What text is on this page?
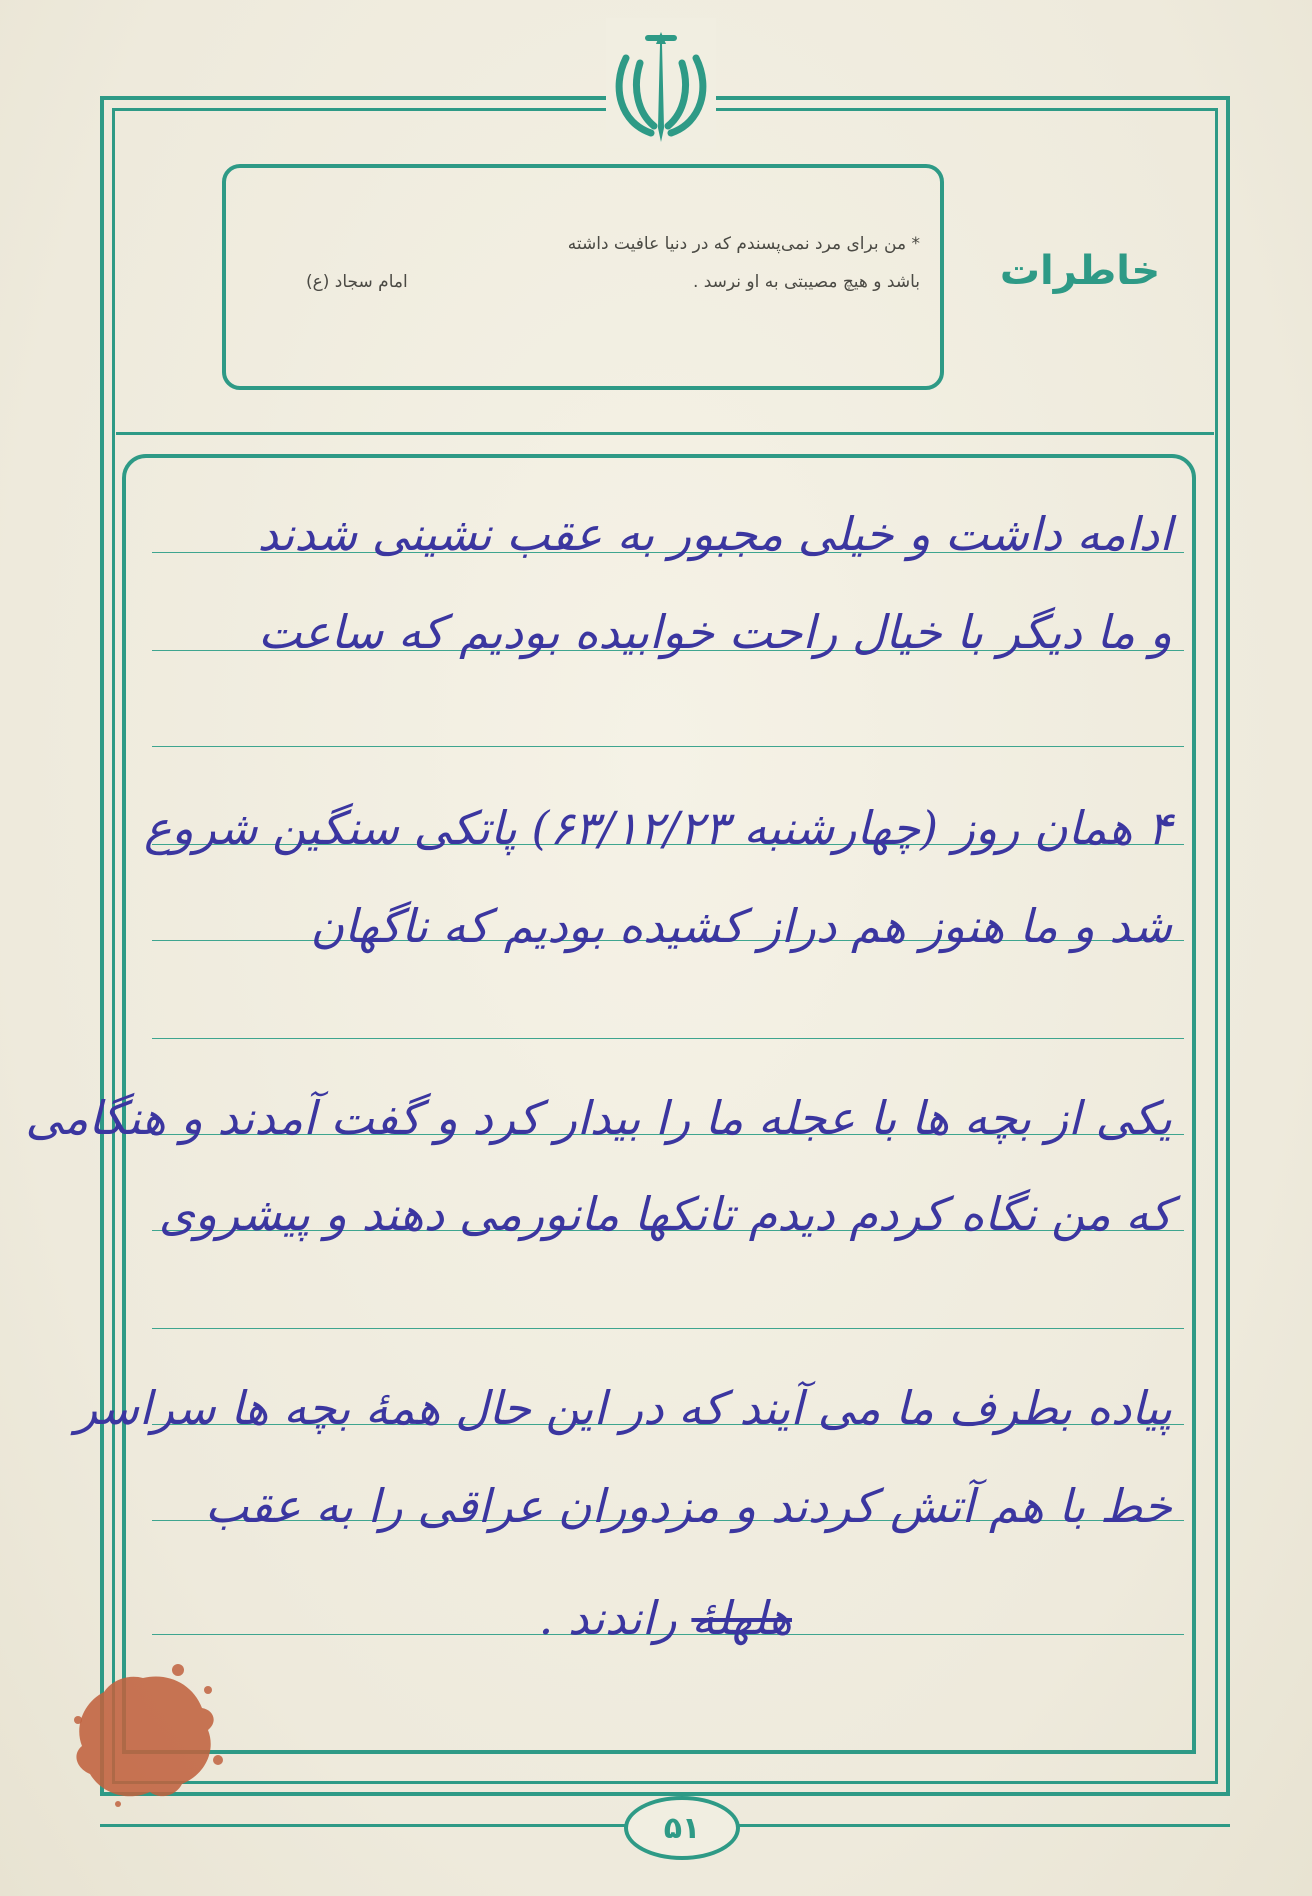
* من برای مرد نمی‌پسندم که در دنیا عافیت داشته
باشد و هیچ مصیبتی به او نرسد .
امام سجاد (ع)	خاطرات
ادامه داشت و خیلی مجبور به عقب نشینی شدند
و ما دیگر با خیال راحت خوابیده بودیم که ساعت
۴ همان روز (چهارشنبه ۶۳/۱۲/۲۳) پاتکی سنگین شروع
شد و ما هنوز هم دراز کشیده بودیم که ناگهان
یکی از بچه ها با عجله ما را بیدار کرد و گفت آمدند و هنگامی
که من نگاه کردم دیدم تانکها مانورمی دهند و پیشروی
پیاده بطرف ما می آیند که در این حال همهٔ بچه ها سراسر
خط با هم آتش کردند و مزدوران عراقی را به عقب
هلهلهٔ راندند .
۵۱
